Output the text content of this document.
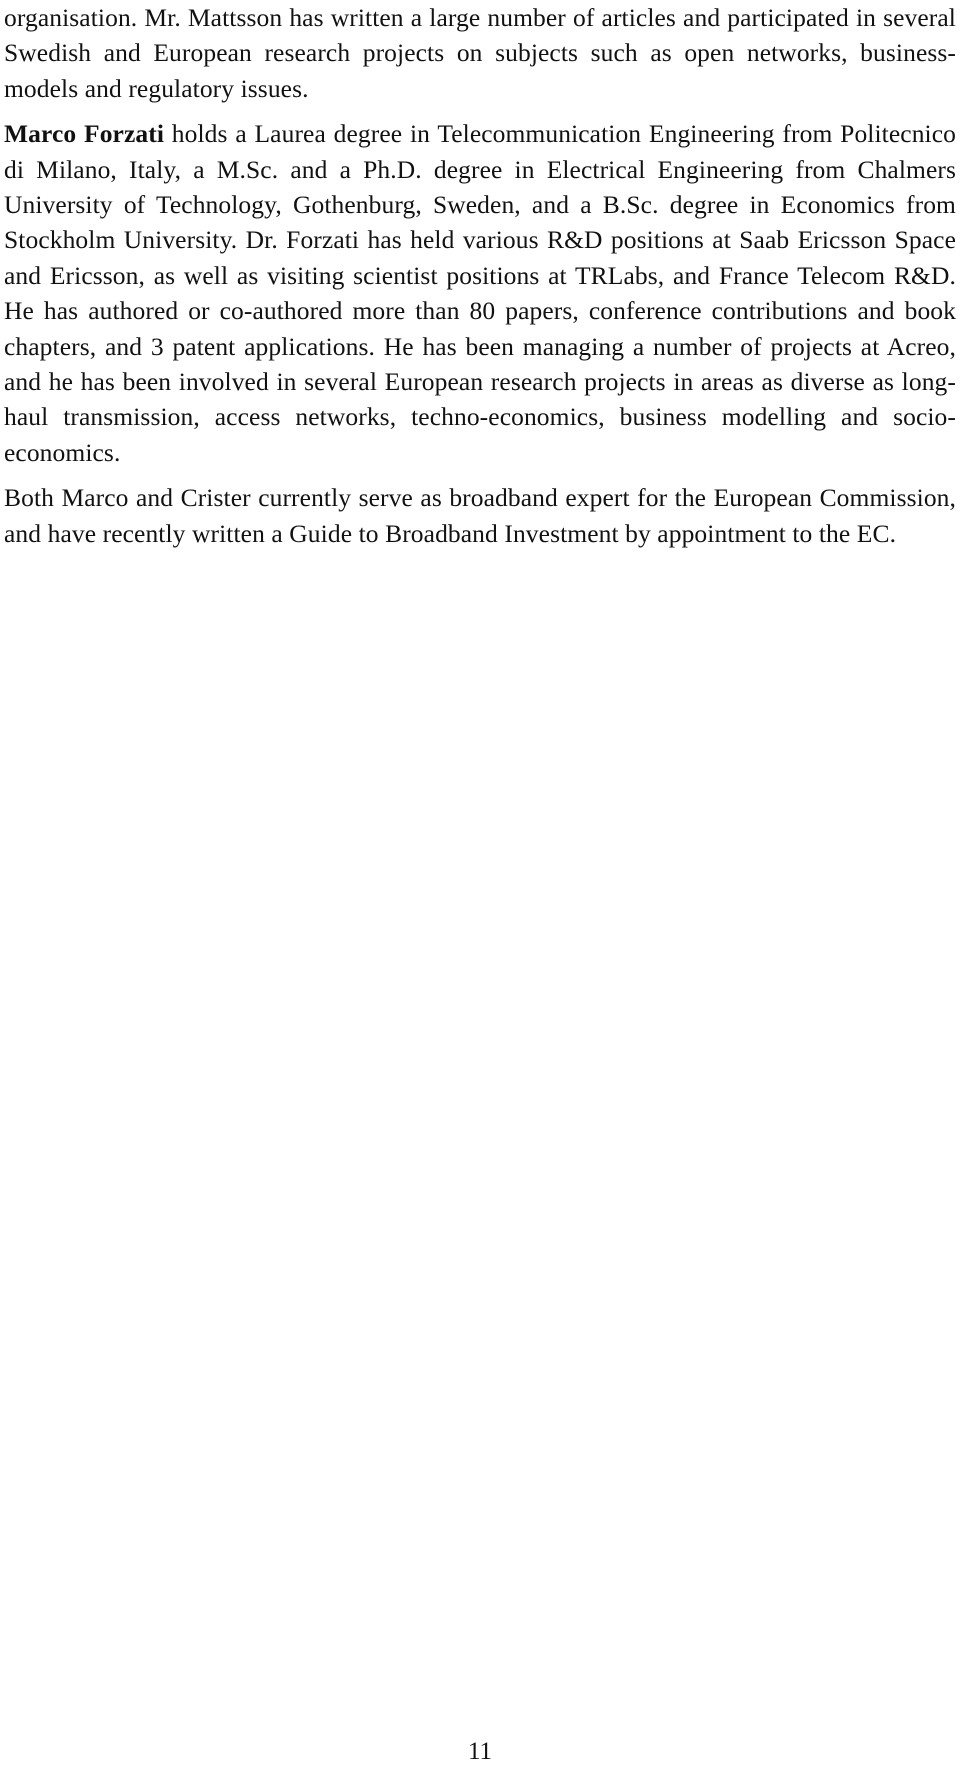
organisation. Mr. Mattsson has written a large number of articles and participated in several Swedish and European research projects on subjects such as open networks, business-models and regulatory issues.

Marco Forzati holds a Laurea degree in Telecommunication Engineering from Politecnico di Milano, Italy, a M.Sc. and a Ph.D. degree in Electrical Engineering from Chalmers University of Technology, Gothenburg, Sweden, and a B.Sc. degree in Economics from Stockholm University. Dr. Forzati has held various R&D positions at Saab Ericsson Space and Ericsson, as well as visiting scientist positions at TRLabs, and France Telecom R&D. He has authored or co-authored more than 80 papers, conference contributions and book chapters, and 3 patent applications. He has been managing a number of projects at Acreo, and he has been involved in several European research projects in areas as diverse as long-haul transmission, access networks, techno-economics, business modelling and socio-economics.

Both Marco and Crister currently serve as broadband expert for the European Commission, and have recently written a Guide to Broadband Investment by appointment to the EC.

11
